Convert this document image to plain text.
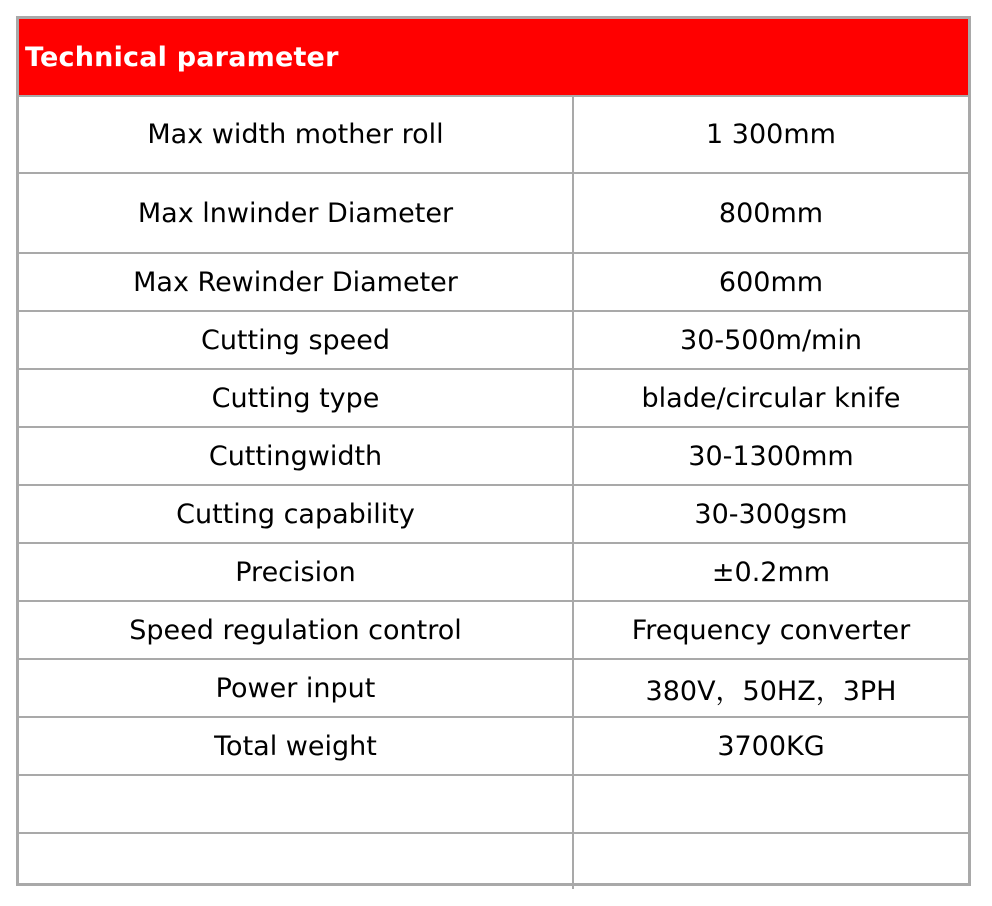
Technical parameter
Max width mother roll	1 300mm
Max lnwinder Diameter	800mm
Max Rewinder Diameter	600mm
Cutting speed	30-500m/min
Cutting type	blade/circular knife
Cuttingwidth	30-1300mm
Cutting capability	30-300gsm
Precision	±0.2mm
Speed regulation control	Frequency converter
Power input	380V，50HZ，3PH
Total weight	3700KG
